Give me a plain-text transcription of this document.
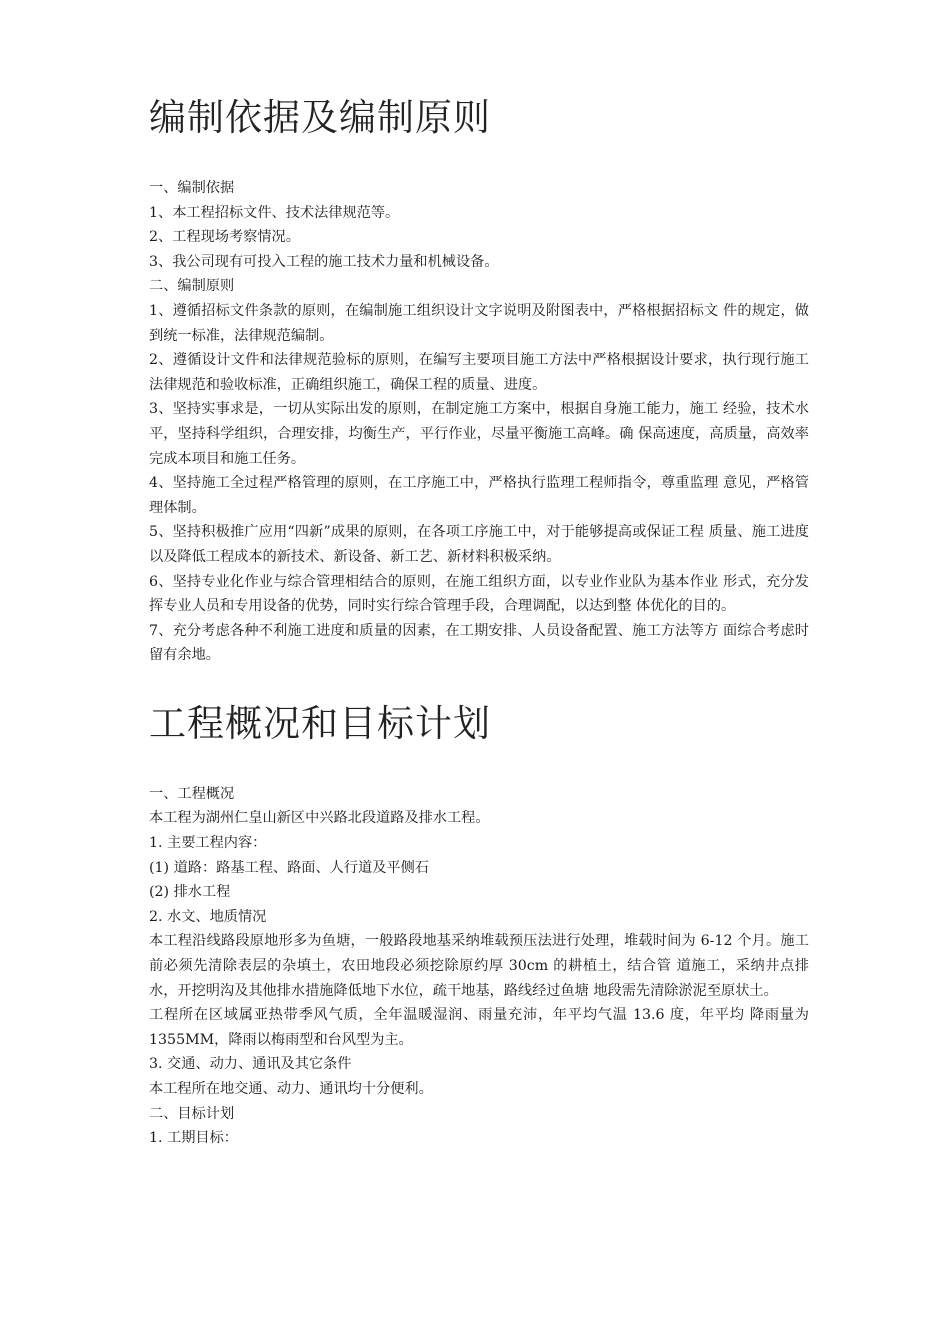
编制依据及编制原则

一、编制依据

1、本工程招标文件、技术法律规范等。

2、工程现场考察情况。

3、我公司现有可投入工程的施工技术力量和机械设备。

二、编制原则

1、遵循招标文件条款的原则，在编制施工组织设计文字说明及附图表中，严格根据招标文 件的规定，做到统一标准，法律规范编制。

2、遵循设计文件和法律规范验标的原则，在编写主要项目施工方法中严格根据设计要求，执行现行施工法律规范和验收标准，正确组织施工，确保工程的质量、进度。

3、坚持实事求是，一切从实际出发的原则，在制定施工方案中，根据自身施工能力，施工 经验，技术水平，坚持科学组织，合理安排，均衡生产，平行作业，尽量平衡施工高峰。确 保高速度，高质量，高效率完成本项目和施工任务。

4、坚持施工全过程严格管理的原则，在工序施工中，严格执行监理工程师指令，尊重监理 意见，严格管理体制。

5、坚持积极推广应用“四新”成果的原则，在各项工序施工中，对于能够提高或保证工程 质量、施工进度以及降低工程成本的新技术、新设备、新工艺、新材料积极采纳。

6、坚持专业化作业与综合管理相结合的原则，在施工组织方面，以专业作业队为基本作业 形式，充分发挥专业人员和专用设备的优势，同时实行综合管理手段，合理调配，以达到整 体优化的目的。

7、充分考虑各种不利施工进度和质量的因素，在工期安排、人员设备配置、施工方法等方 面综合考虑时留有余地。

工程概况和目标计划

一、工程概况

本工程为湖州仁皇山新区中兴路北段道路及排水工程。

1. 主要工程内容：

(1) 道路：路基工程、路面、人行道及平侧石

(2) 排水工程

2. 水文、地质情况

本工程沿线路段原地形多为鱼塘，一般路段地基采纳堆载预压法进行处理，堆载时间为 6-12 个月。施工前必须先清除表层的杂填土，农田地段必须挖除原约厚 30cm 的耕植土，结合管 道施工，采纳井点排水，开挖明沟及其他排水措施降低地下水位，疏干地基，路线经过鱼塘 地段需先清除淤泥至原状土。

工程所在区域属亚热带季风气质，全年温暖湿润、雨量充沛，年平均气温 13.6 度，年平均 降雨量为 1355MM，降雨以梅雨型和台风型为主。

3. 交通、动力、通讯及其它条件

本工程所在地交通、动力、通讯均十分便利。

二、目标计划

1. 工期目标：
